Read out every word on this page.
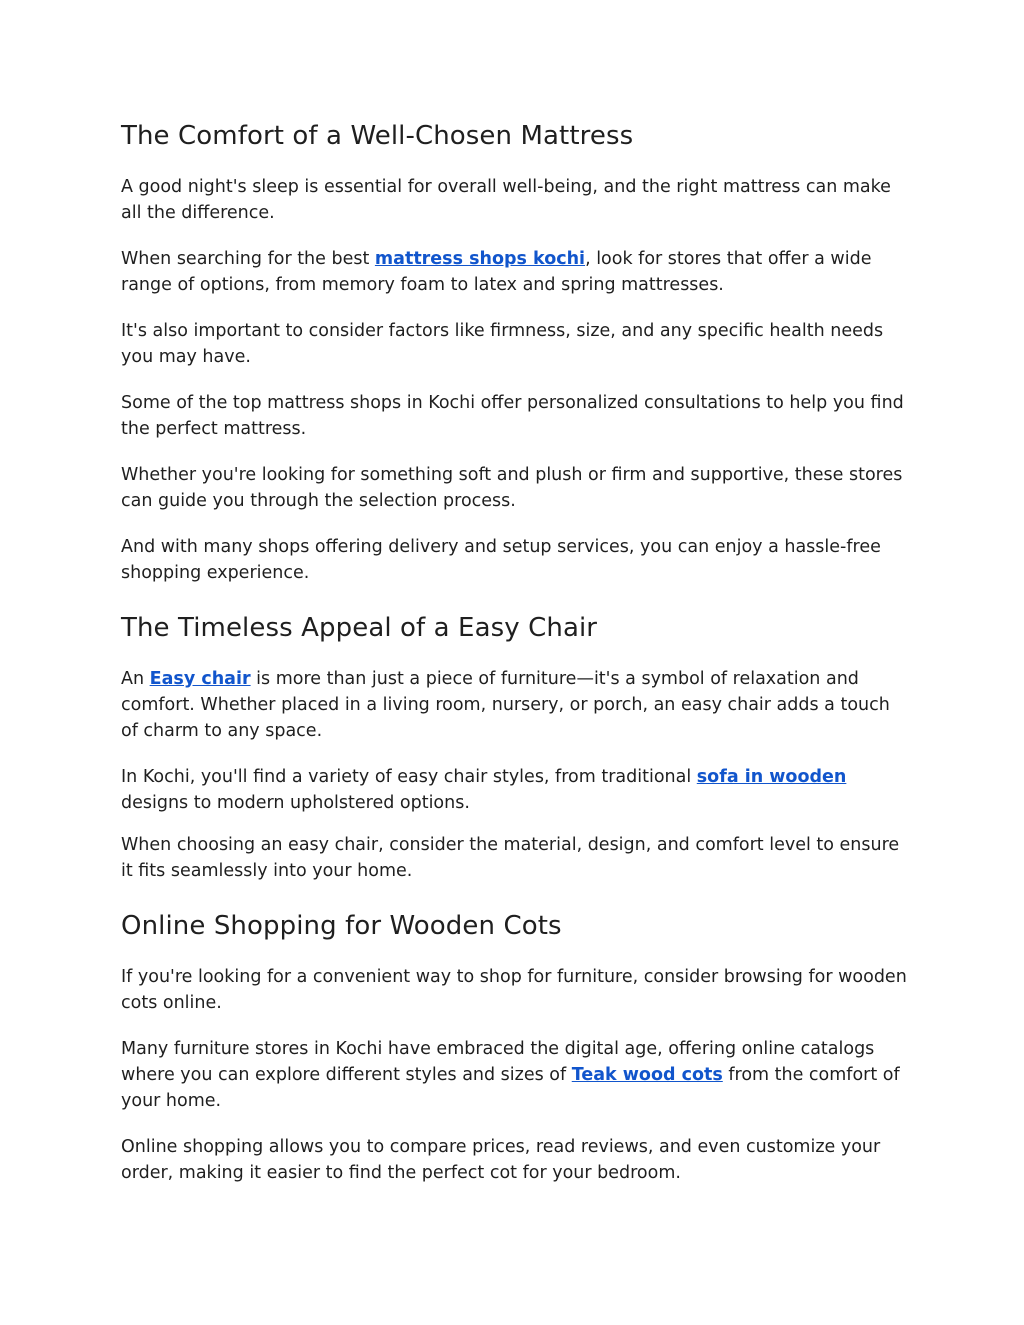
The Comfort of a Well-Chosen Mattress

A good night's sleep is essential for overall well-being, and the right mattress can make all the difference.

When searching for the best mattress shops kochi, look for stores that offer a wide range of options, from memory foam to latex and spring mattresses.

It's also important to consider factors like firmness, size, and any specific health needs you may have.

Some of the top mattress shops in Kochi offer personalized consultations to help you find the perfect mattress.

Whether you're looking for something soft and plush or firm and supportive, these stores can guide you through the selection process.

And with many shops offering delivery and setup services, you can enjoy a hassle-free shopping experience.

The Timeless Appeal of a Easy Chair

An Easy chair is more than just a piece of furniture—it's a symbol of relaxation and comfort. Whether placed in a living room, nursery, or porch, an easy chair adds a touch of charm to any space.

In Kochi, you'll find a variety of easy chair styles, from traditional sofa in wooden designs to modern upholstered options.

When choosing an easy chair, consider the material, design, and comfort level to ensure it fits seamlessly into your home.

Online Shopping for Wooden Cots

If you're looking for a convenient way to shop for furniture, consider browsing for wooden cots online.

Many furniture stores in Kochi have embraced the digital age, offering online catalogs where you can explore different styles and sizes of Teak wood cots from the comfort of your home.

Online shopping allows you to compare prices, read reviews, and even customize your order, making it easier to find the perfect cot for your bedroom.
